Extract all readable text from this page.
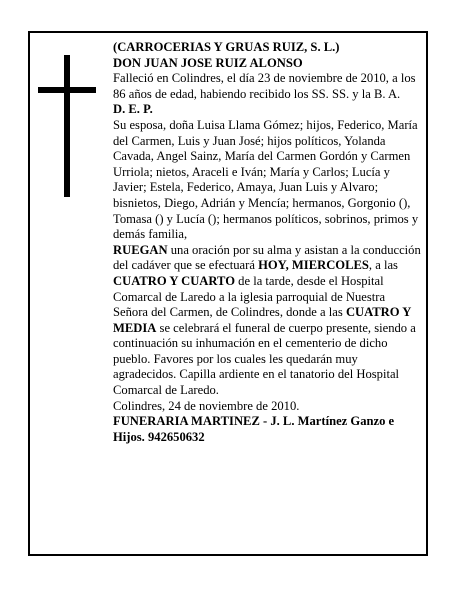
(CARROCERIAS Y GRUAS RUIZ, S. L.)

DON JUAN JOSE RUIZ ALONSO

Falleció en Colindres, el día 23 de noviembre de 2010, a los 86 años de edad, habiendo recibido los SS. SS. y la B. A.

D. E. P.

Su esposa, doña Luisa Llama Gómez; hijos, Federico, María del Carmen, Luis y Juan José; hijos políticos, Yolanda Cavada, Angel Sainz, María del Carmen Gordón y Carmen Urriola; nietos, Araceli e Iván; María y Carlos; Lucía y Javier; Estela, Federico, Amaya, Juan Luis y Alvaro; bisnietos, Diego, Adrián y Mencía; hermanos, Gorgonio (), Tomasa () y Lucía (); hermanos políticos, sobrinos, primos y demás familia,

RUEGAN una oración por su alma y asistan a la conducción del cadáver que se efectuará HOY, MIERCOLES, a las CUATRO Y CUARTO de la tarde, desde el Hospital Comarcal de Laredo a la iglesia parroquial de Nuestra Señora del Carmen, de Colindres, donde a las CUATRO Y MEDIA se celebrará el funeral de cuerpo presente, siendo a continuación su inhumación en el cementerio de dicho pueblo. Favores por los cuales les quedarán muy agradecidos. Capilla ardiente en el tanatorio del Hospital Comarcal de Laredo.

Colindres, 24 de noviembre de 2010.

FUNERARIA MARTINEZ - J. L. Martínez Ganzo e Hijos. 942650632
